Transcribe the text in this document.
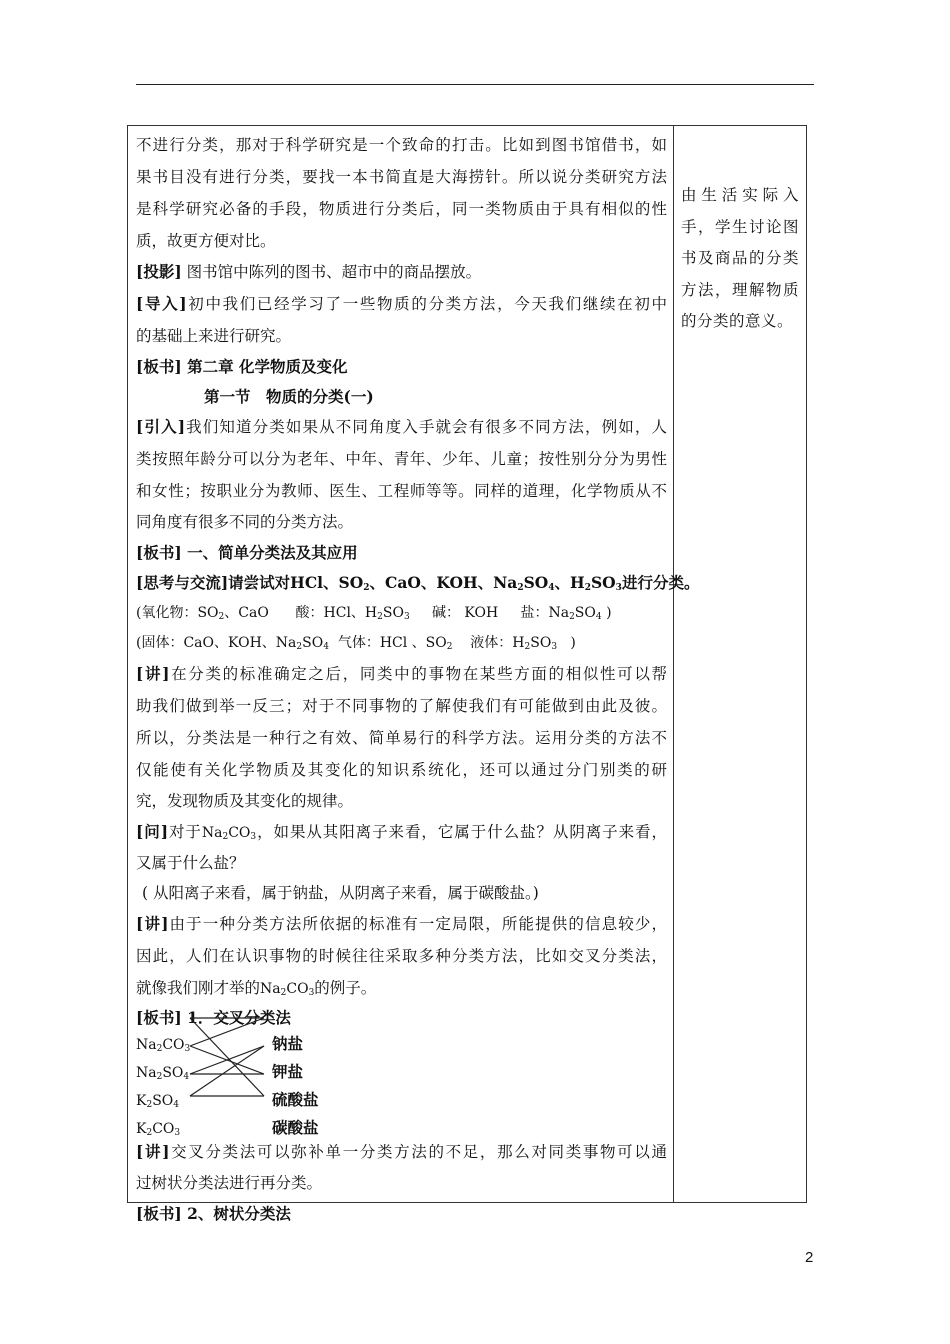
不进行分类，那对于科学研究是一个致命的打击。比如到图书馆借书，如
果书目没有进行分类，要找一本书简直是大海捞针。所以说分类研究方法
是科学研究必备的手段，物质进行分类后，同一类物质由于具有相似的性
质，故更方便对比。
[投影] 图书馆中陈列的图书、超市中的商品摆放。
[导入]初中我们已经学习了一些物质的分类方法，今天我们继续在初中
的基础上来进行研究。
[板书] 第二章 化学物质及变化
第一节　物质的分类(一)
[引入]我们知道分类如果从不同角度入手就会有很多不同方法，例如，人
类按照年龄分可以分为老年、中年、青年、少年、儿童；按性别分分为男性
和女性；按职业分为教师、医生、工程师等等。同样的道理，化学物质从不
同角度有很多不同的分类方法。
[板书] 一、简单分类法及其应用
[思考与交流]请尝试对HCl、$SO_2$、CaO、KOH、$Na_2SO_4$、$H_2SO_3$进行分类。
(氧化物：$SO_2$、CaO      酸：HCl、$H_2SO_3$ 碱： KOH 盐：$Na_2SO_4$ )
(固体：CaO、KOH、$Na_2SO_4$ 气体：HCl 、$SO_2$ 液体：$H_2SO_3$ )
[讲]在分类的标准确定之后，同类中的事物在某些方面的相似性可以帮
助我们做到举一反三；对于不同事物的了解使我们有可能做到由此及彼。
所以，分类法是一种行之有效、简单易行的科学方法。运用分类的方法不
仅能使有关化学物质及其变化的知识系统化，还可以通过分门别类的研
究，发现物质及其变化的规律。
[问]对于$Na_2CO_3$，如果从其阳离子来看，它属于什么盐？从阴离子来看，
又属于什么盐？
( 从阳离子来看，属于钠盐，从阴离子来看，属于碳酸盐。)
[讲]由于一种分类方法所依据的标准有一定局限，所能提供的信息较少，
因此，人们在认识事物的时候往往采取多种分类方法，比如交叉分类法，
就像我们刚才举的$Na_2CO_3$的例子。
[板书] 1．交叉分类法
$Na_2CO_3$
$Na_2SO_4$
$K_2SO_4$
$K_2CO_3$
钠盐
钾盐
硫酸盐
碳酸盐
[讲]交叉分类法可以弥补单一分类方法的不足，那么对同类事物可以通
过树状分类法进行再分类。
[板书] 2、树状分类法
由生活实际入手，学生讨论图书及商品的分类方法，理解物质的分类的意义。
2
